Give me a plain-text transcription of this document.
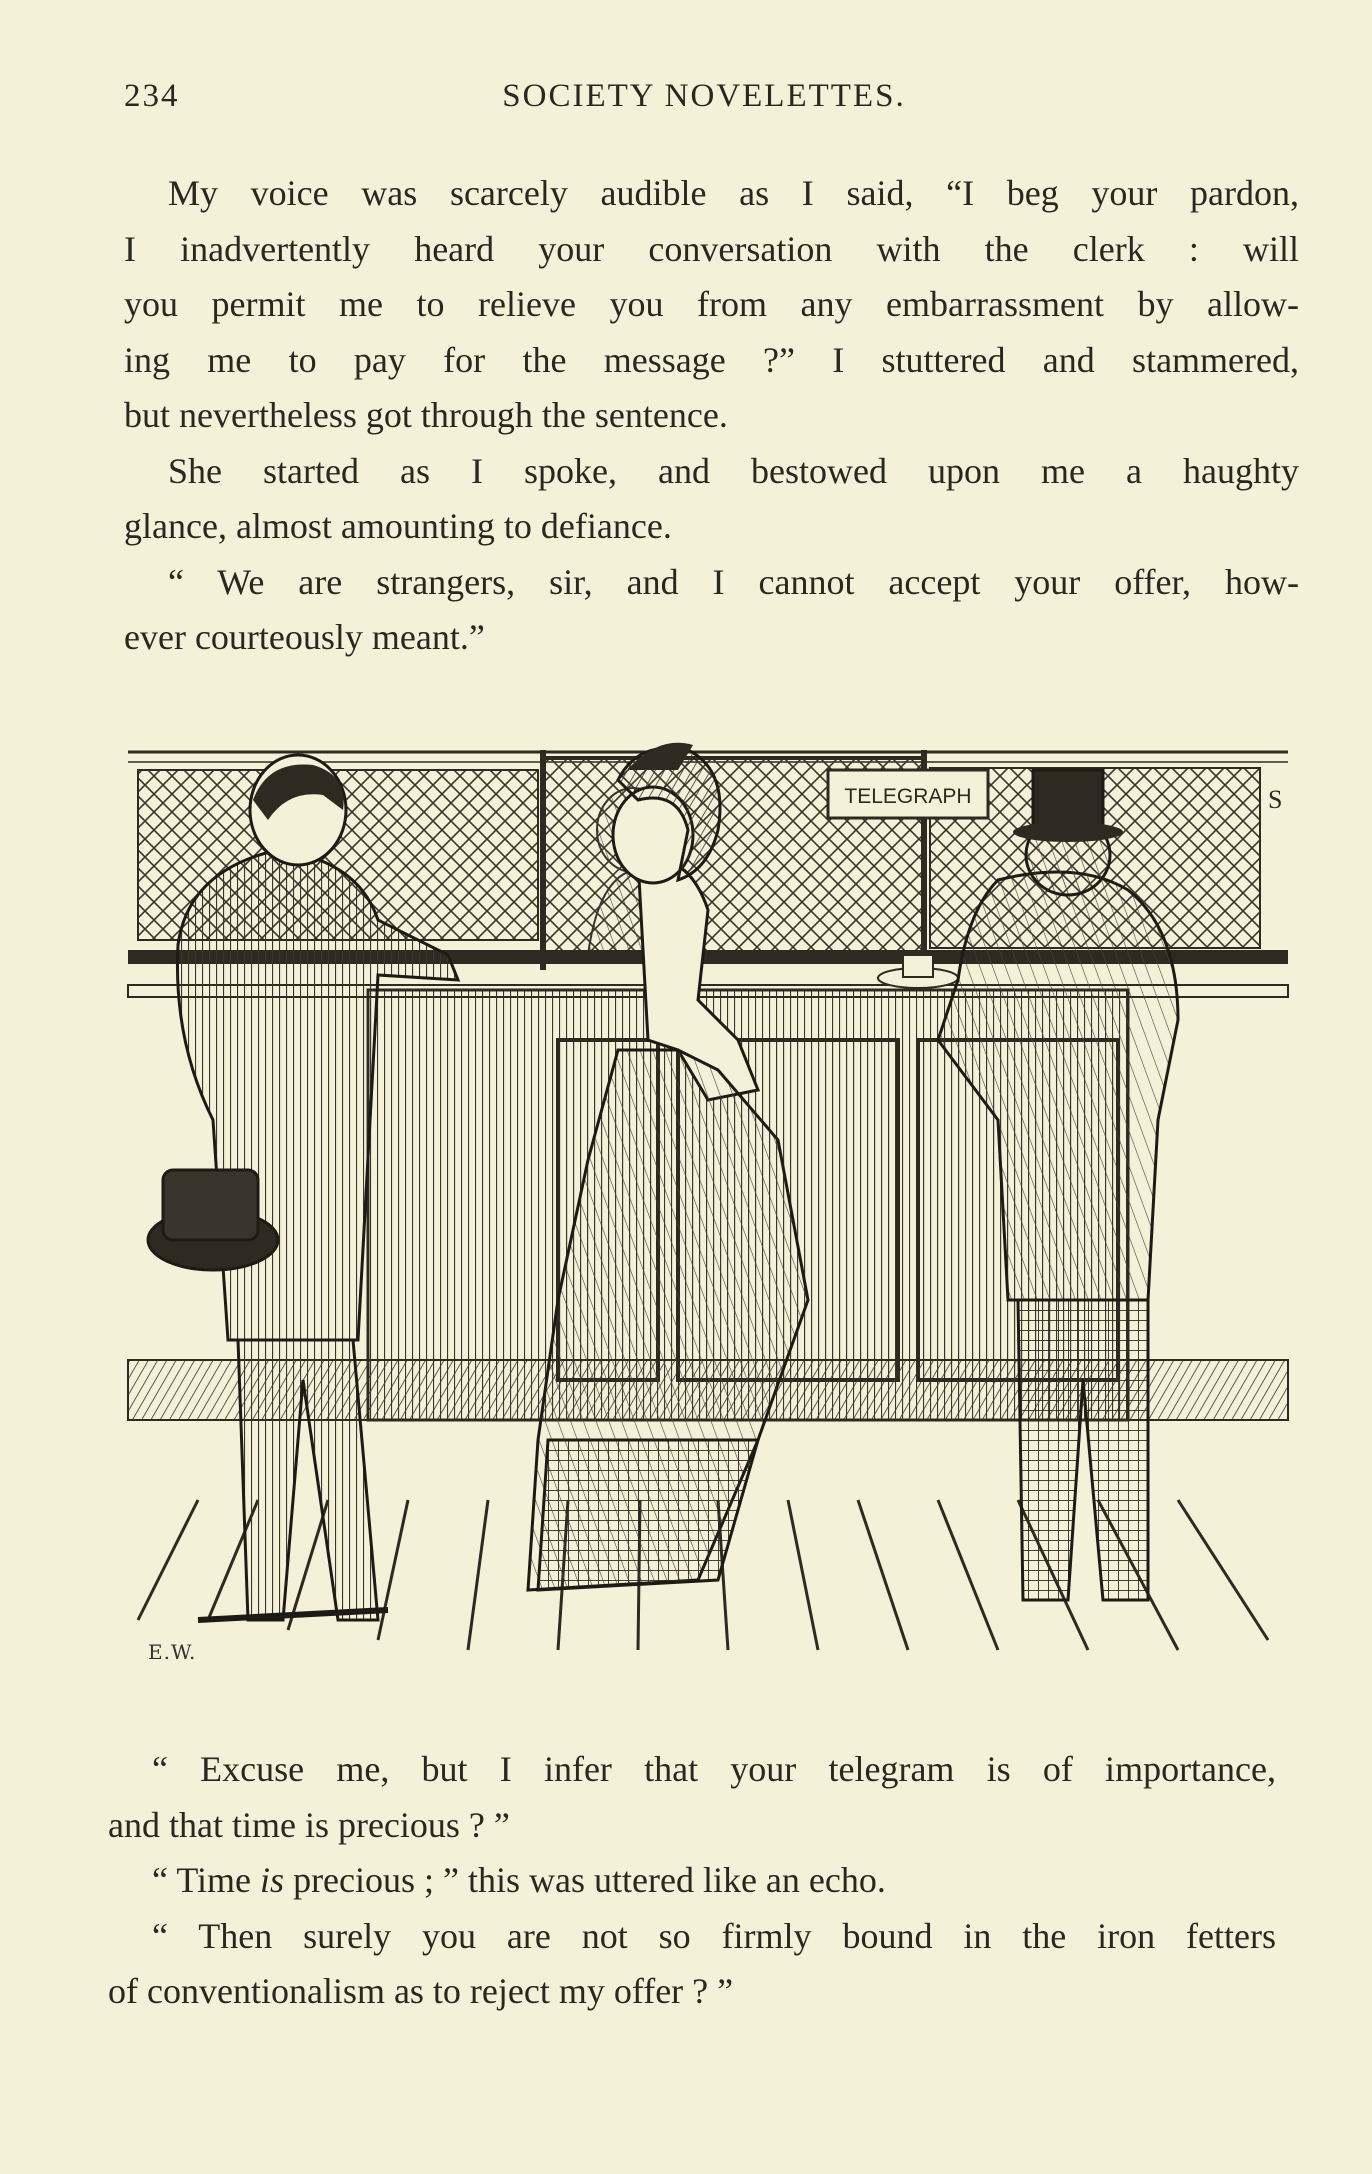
234	SOCIETY NOVELETTES.
My voice was scarcely audible as I said, “I beg your pardon,
I inadvertently heard your conversation with the clerk : will
you permit me to relieve you from any embarrassment by allow-
ing me to pay for the message ?” I stuttered and stammered,
but nevertheless got through the sentence.
She started as I spoke, and bestowed upon me a haughty
glance, almost amounting to defiance.
“ We are strangers, sir, and I cannot accept your offer, how-
ever courteously meant.”
TELEGRAPH	S
E.W.
“ Excuse me, but I infer that your telegram is of importance,
and that time is precious ? ”
“ Time is precious ; ” this was uttered like an echo.
“ Then surely you are not so firmly bound in the iron fetters
of conventionalism as to reject my offer ? ”
